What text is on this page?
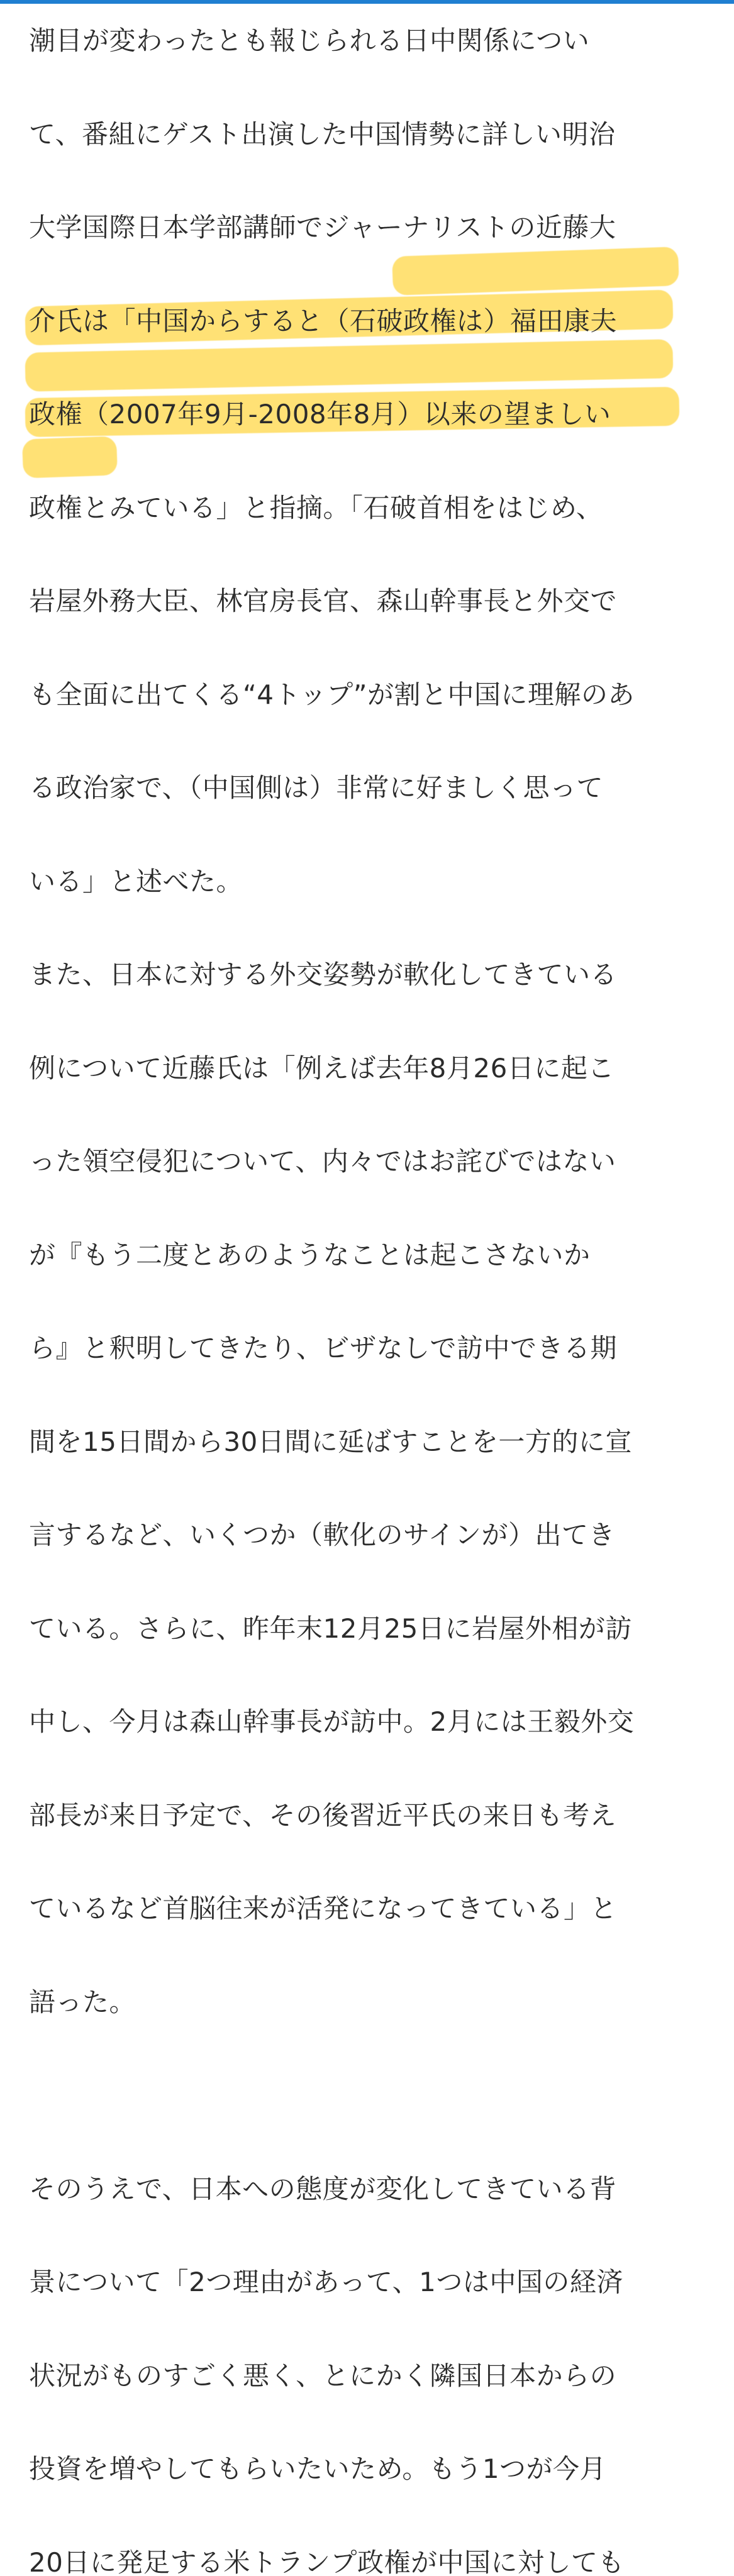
潮目が変わったとも報じられる日中関係につい
て、番組にゲスト出演した中国情勢に詳しい明治
大学国際日本学部講師でジャーナリストの近藤大
介氏は「中国からすると（石破政権は）福田康夫
政権（2007年9月-2008年8月）以来の望ましい
政権とみている」と指摘。「石破首相をはじめ、
岩屋外務大臣、林官房長官、森山幹事長と外交で
も全面に出てくる“4トップ”が割と中国に理解のあ
る政治家で、（中国側は）非常に好ましく思って
いる」と述べた。
また、日本に対する外交姿勢が軟化してきている
例について近藤氏は「例えば去年8月26日に起こ
った領空侵犯について、内々ではお詫びではない
が『もう二度とあのようなことは起こさないか
ら』と釈明してきたり、ビザなしで訪中できる期
間を15日間から30日間に延ばすことを一方的に宣
言するなど、いくつか（軟化のサインが）出てき
ている。さらに、昨年末12月25日に岩屋外相が訪
中し、今月は森山幹事長が訪中。2月には王毅外交
部長が来日予定で、その後習近平氏の来日も考え
ているなど首脳往来が活発になってきている」と
語った。
そのうえで、日本への態度が変化してきている背
景について「2つ理由があって、1つは中国の経済
状況がものすごく悪く、とにかく隣国日本からの
投資を増やしてもらいたいため。もう1つが今月
20日に発足する米トランプ政権が中国に対しても
